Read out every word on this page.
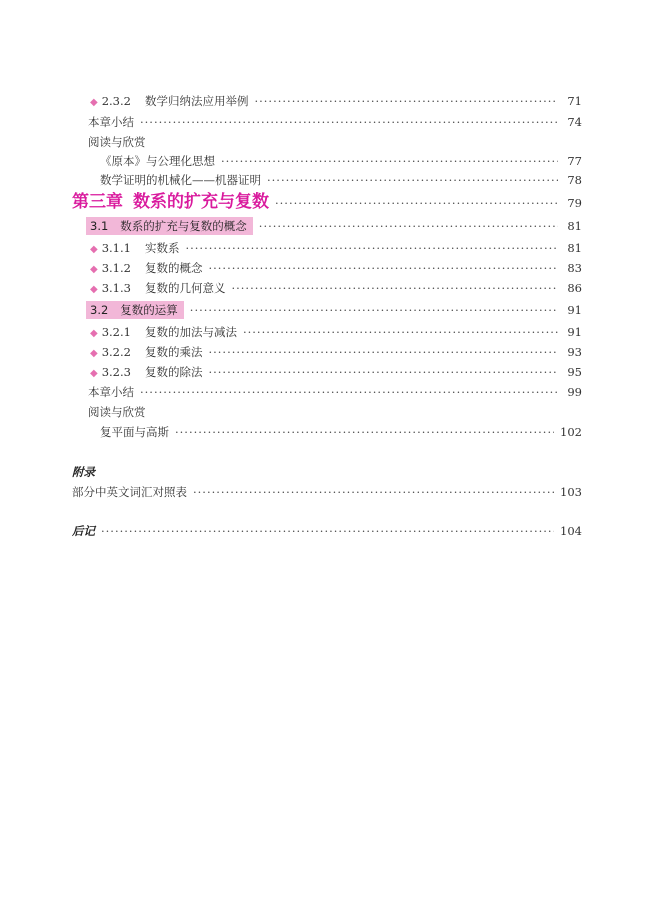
◆ 2.3.2 数学归纳法应用举例 ·····	71
本章小结 ·····	74
阅读与欣赏
《原本》与公理化思想 ·····	77
数学证明的机械化——机器证明 ·····	78
第三章 数系的扩充与复数 ·····	79
3.1 数系的扩充与复数的概念 ·····	81
◆ 3.1.1 实数系 ·····	81
◆ 3.1.2 复数的概念 ·····	83
◆ 3.1.3 复数的几何意义 ·····	86
3.2 复数的运算 ·····	91
◆ 3.2.1 复数的加法与减法 ·····	91
◆ 3.2.2 复数的乘法 ·····	93
◆ 3.2.3 复数的除法 ·····	95
本章小结 ·····	99
阅读与欣赏
复平面与高斯 ·····	102
附录
部分中英文词汇对照表 ·····	103
后记 ·····	104
